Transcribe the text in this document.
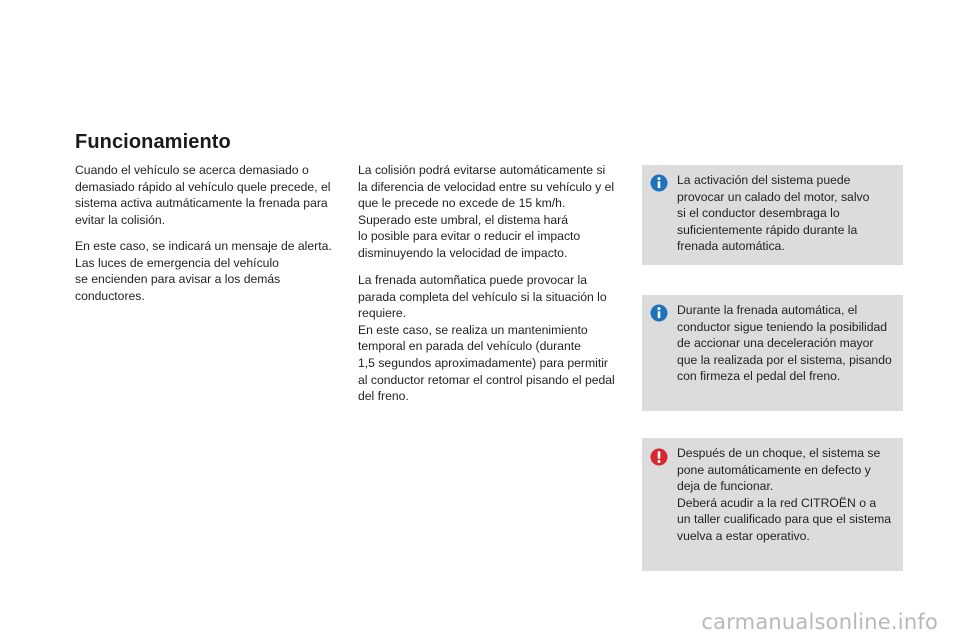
Funcionamiento
Cuando el vehículo se acerca demasiado o
demasiado rápido al vehículo quele precede, el
sistema activa autmáticamente la frenada para
evitar la colisión.
En este caso, se indicará un mensaje de alerta.
Las luces de emergencia del vehículo
se encienden para avisar a los demás
conductores.
La colisión podrá evitarse automáticamente si
la diferencia de velocidad entre su vehículo y el
que le precede no excede de 15 km/h.
Superado este umbral, el distema hará
lo posible para evitar o reducir el impacto
disminuyendo la velocidad de impacto.
La frenada automñatica puede provocar la
parada completa del vehículo si la situación lo
requiere.
En este caso, se realiza un mantenimiento
temporal en parada del vehículo (durante
1,5 segundos aproximadamente) para permitir
al conductor retomar el control pisando el pedal
del freno.
La activación del sistema puede
provocar un calado del motor, salvo
si el conductor desembraga lo
suficientemente rápido durante la
frenada automática.
Durante la frenada automática, el
conductor sigue teniendo la posibilidad
de accionar una deceleración mayor
que la realizada por el sistema, pisando
con firmeza el pedal del freno.
Después de un choque, el sistema se
pone automáticamente en defecto y
deja de funcionar.
Deberá acudir a la red CITROËN o a
un taller cualificado para que el sistema
vuelva a estar operativo.
carmanualsonline.info
